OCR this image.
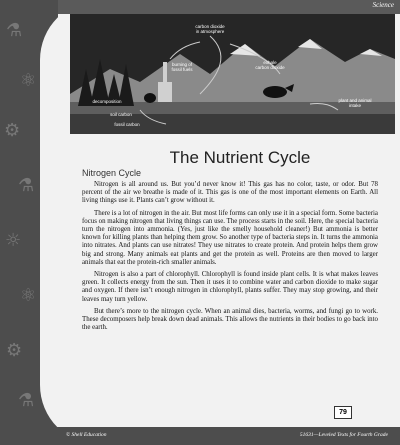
⚗
⚛
⚙
⚗
☼
⚛
⚙
⚗
Science
carbon dioxide
in atmosphere
burning of
fossil fuels
exhale
carbon dioxide
decomposition
soil carbon
fossil carbon
plant and animal
intake
The Nutrient Cycle
Nitrogen Cycle

Nitrogen is all around us. But you’d never know it! This gas has no color, taste, or odor. But 78 percent of the air we breathe is made of it. This gas is one of the most important elements on Earth. All living things use it. Plants can’t grow without it.

There is a lot of nitrogen in the air. But most life forms can only use it in a special form. Some bacteria focus on making nitrogen that living things can use. The process starts in the soil. Here, the special bacteria turn the nitrogen into ammonia. (Yes, just like the smelly household cleaner!) But ammonia is better known for killing plants than helping them grow. So another type of bacteria steps in. It turns the ammonia into nitrates. And plants can use nitrates! They use nitrates to create protein. And protein helps them grow big and strong. Many animals eat plants and get the protein as well. Proteins are then moved to larger animals that eat the protein-rich smaller animals.

Nitrogen is also a part of chlorophyll. Chlorophyll is found inside plant cells. It is what makes leaves green. It collects energy from the sun. Then it uses it to combine water and carbon dioxide to make sugar and oxygen. If there isn’t enough nitrogen in chlorophyll, plants suffer. They may stop growing, and their leaves may turn yellow.

But there’s more to the nitrogen cycle. When an animal dies, bacteria, worms, and fungi go to work. These decomposers help break down dead animals. This allows the nutrients in their bodies to go back into the earth.

79
© Shell Education	51631—Leveled Texts for Fourth Grade
